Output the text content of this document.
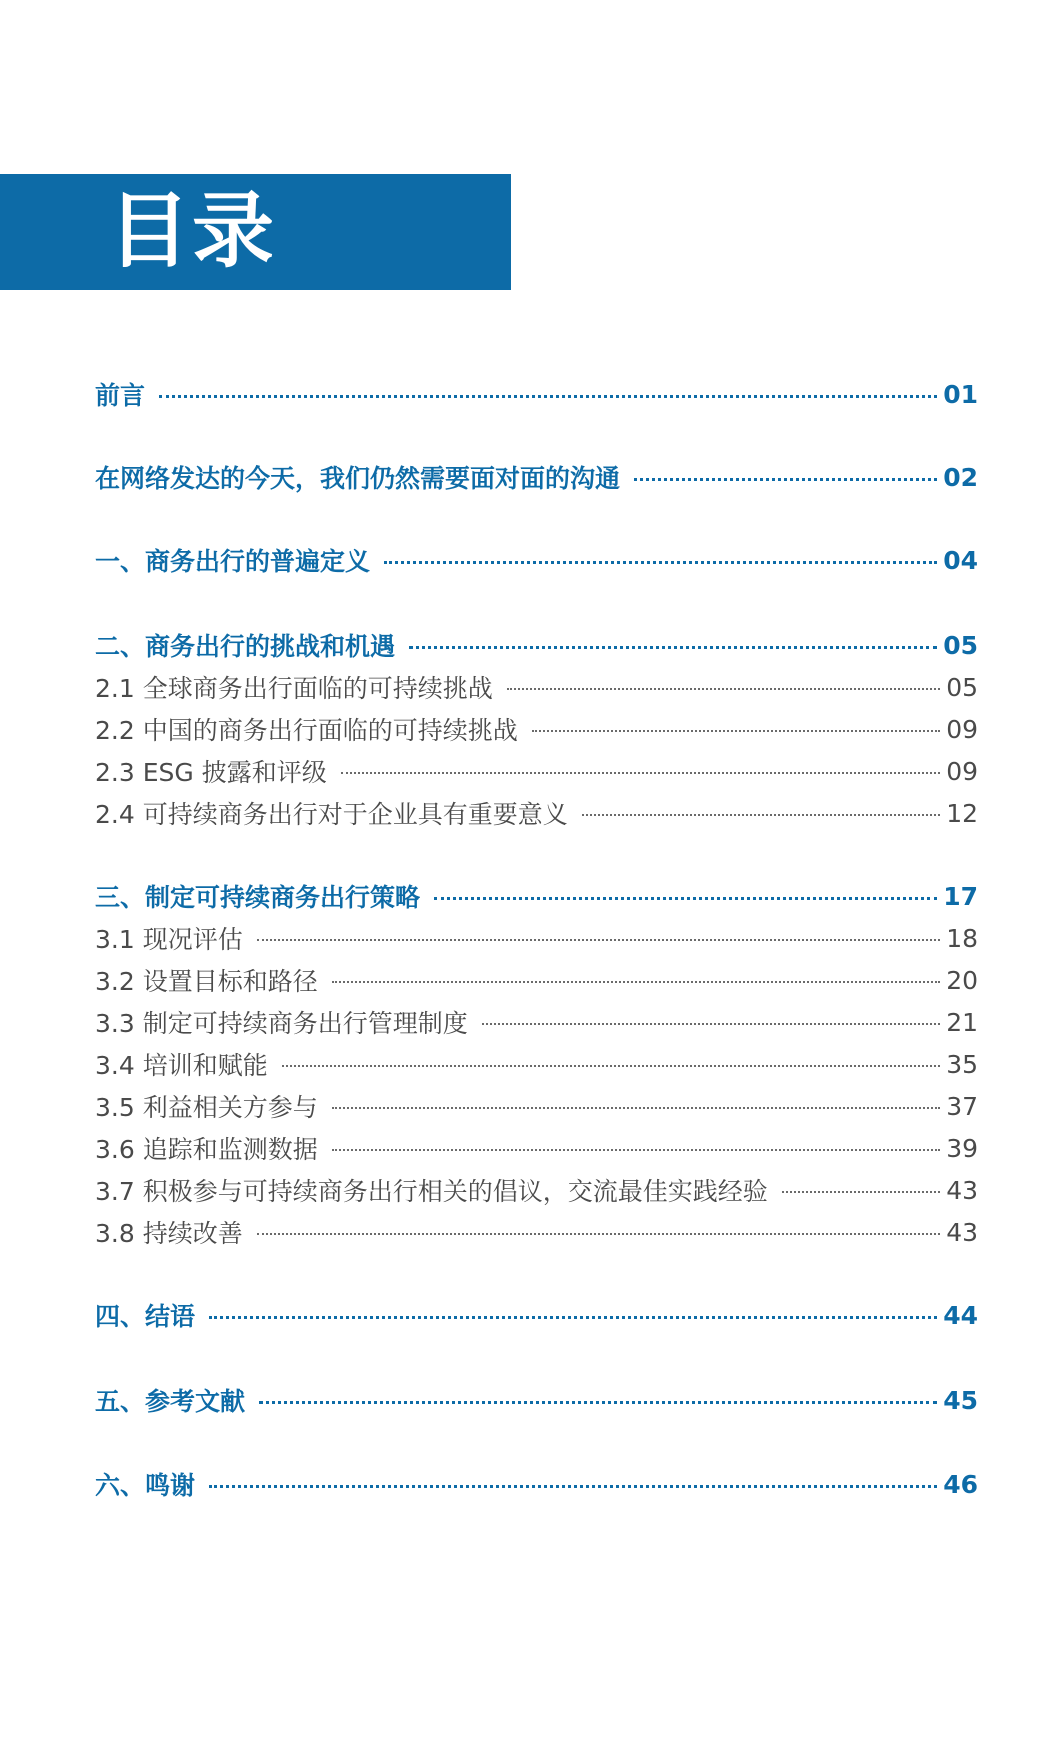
目录
前言	01
在网络发达的今天，我们仍然需要面对面的沟通	02
一、商务出行的普遍定义	04
二、商务出行的挑战和机遇	05
2.1 全球商务出行面临的可持续挑战	05
2.2 中国的商务出行面临的可持续挑战	09
2.3 ESG 披露和评级	09
2.4 可持续商务出行对于企业具有重要意义	12
三、制定可持续商务出行策略	17
3.1 现况评估	18
3.2 设置目标和路径	20
3.3 制定可持续商务出行管理制度	21
3.4 培训和赋能	35
3.5 利益相关方参与	37
3.6 追踪和监测数据	39
3.7 积极参与可持续商务出行相关的倡议，交流最佳实践经验	43
3.8 持续改善	43
四、结语	44
五、参考文献	45
六、鸣谢	46
